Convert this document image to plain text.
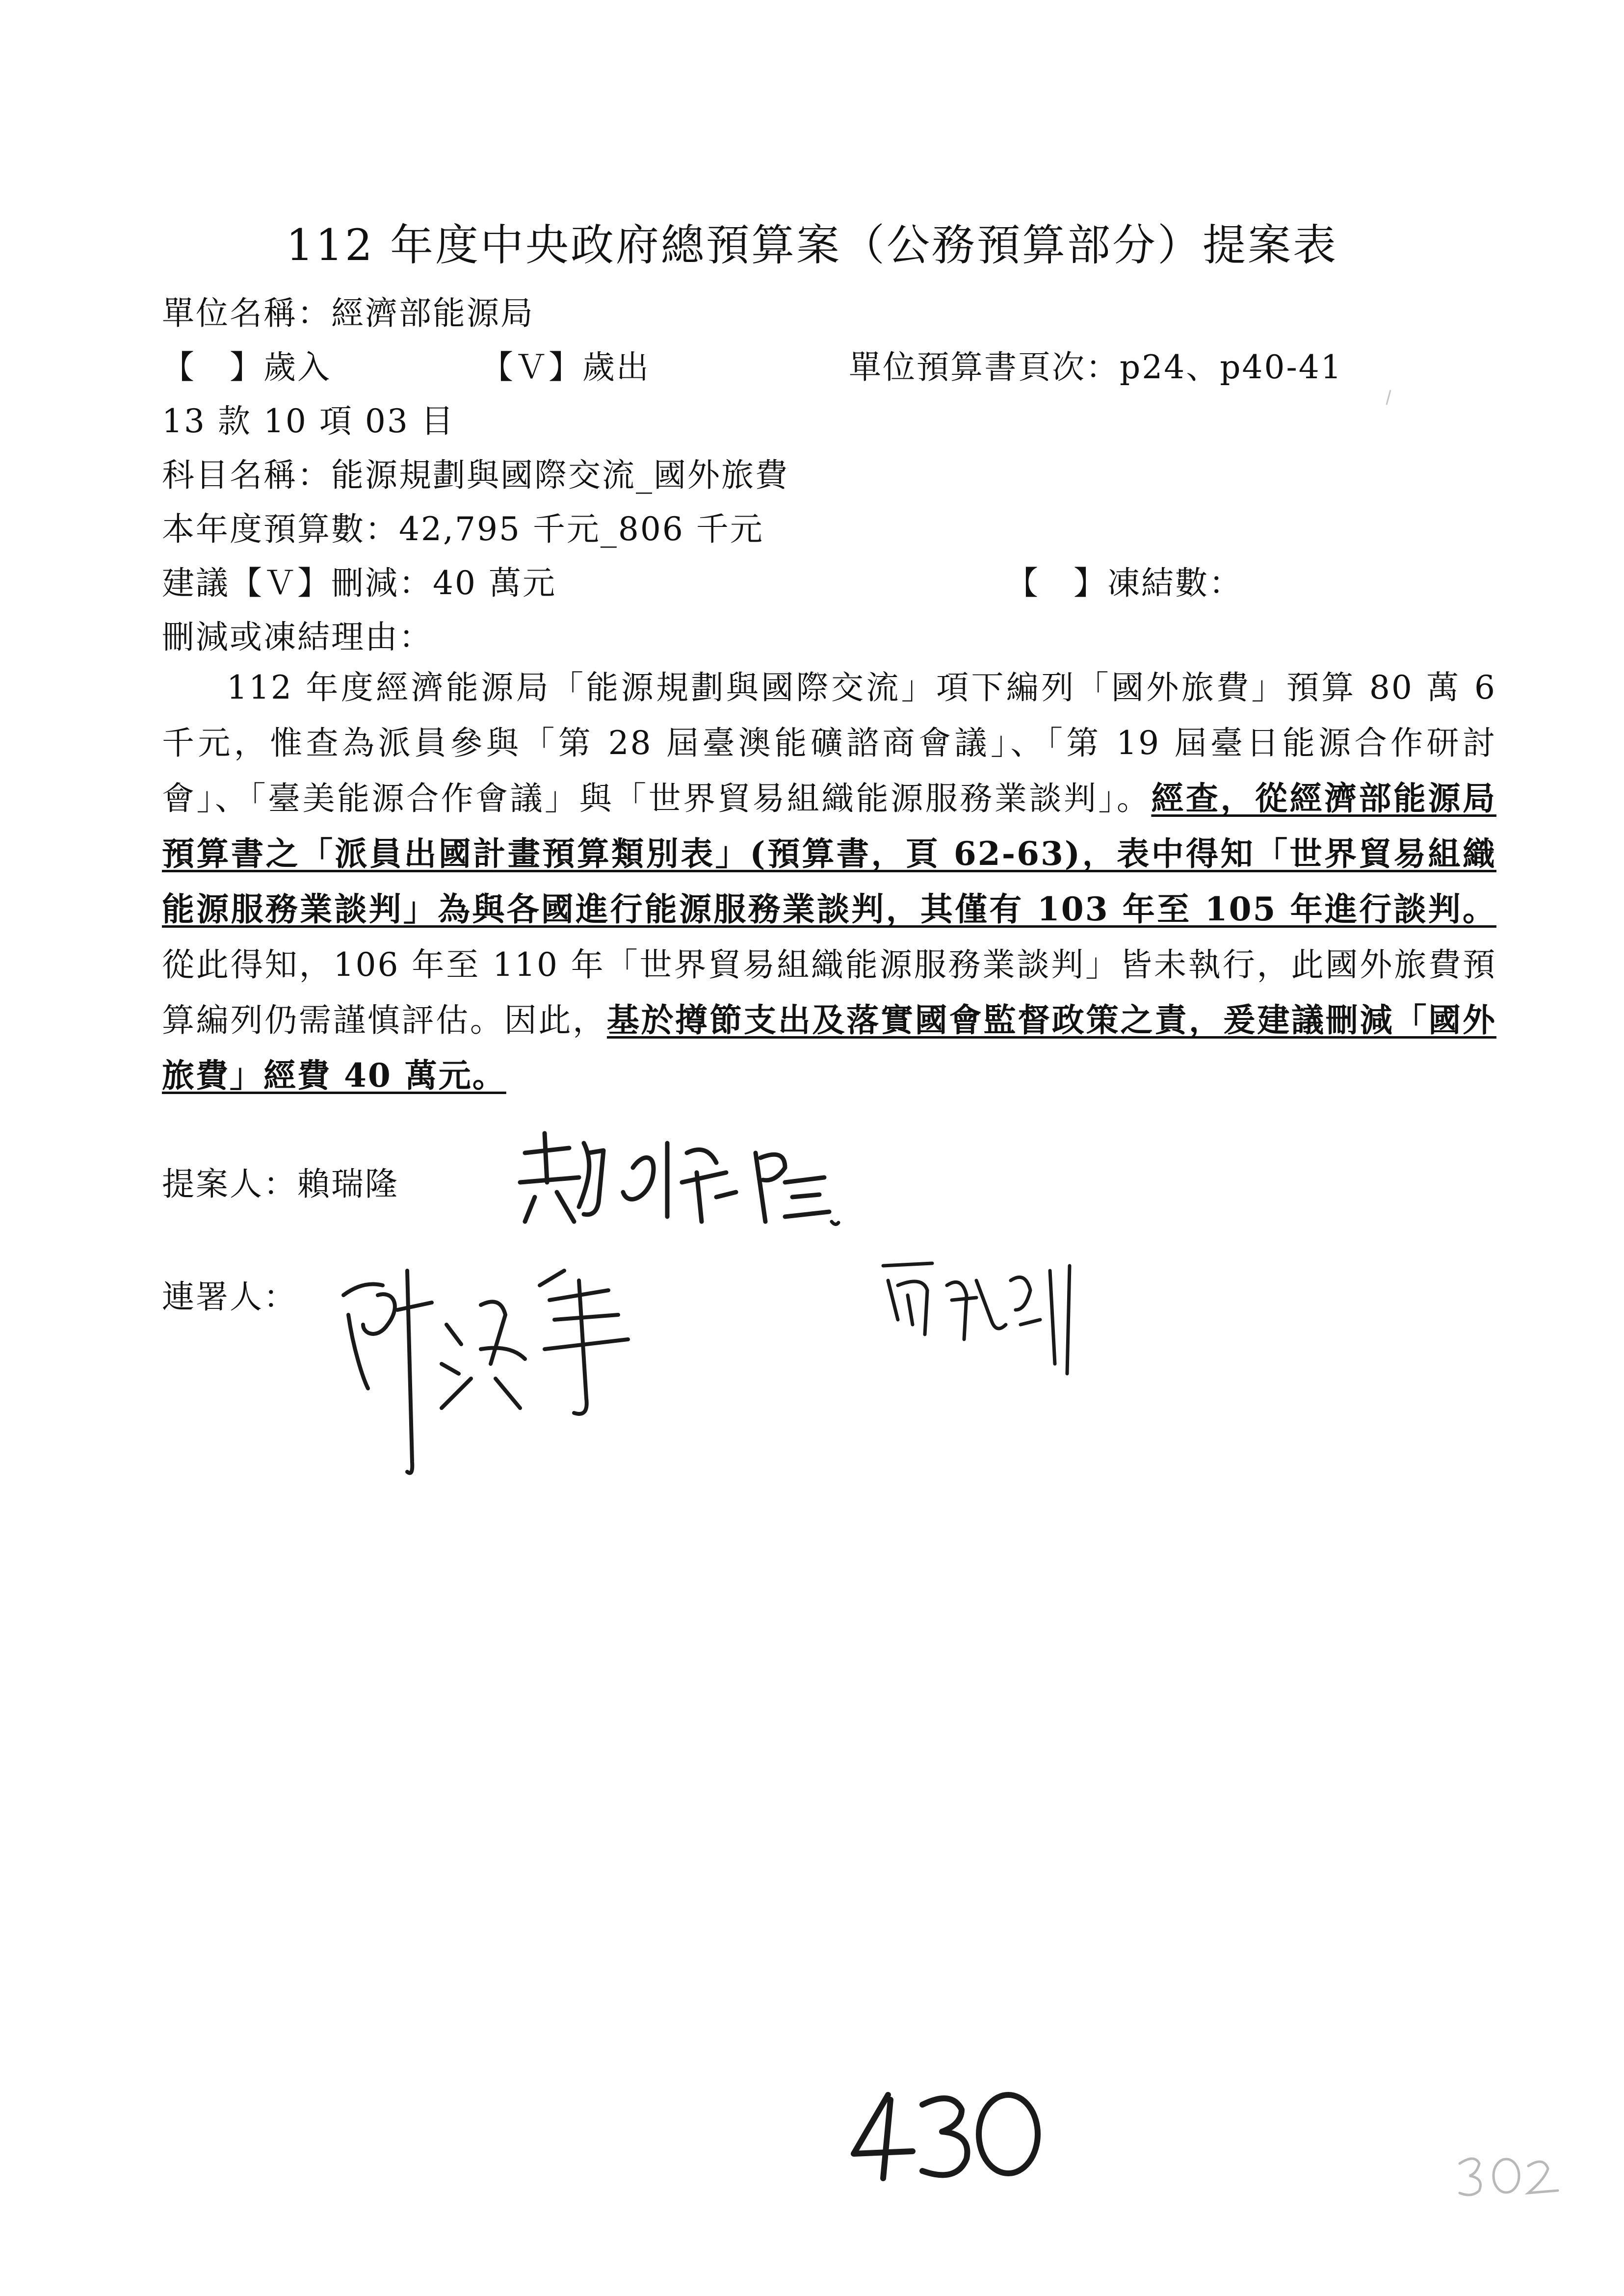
112 年度中央政府總預算案（公務預算部分）提案表
單位名稱：經濟部能源局
【　】歲入	【Ｖ】歲出	單位預算書頁次：p24、p40-41
13 款 10 項 03 目
科目名稱：能源規劃與國際交流_國外旅費
本年度預算數：42,795 千元_806 千元
建議【Ｖ】刪減：40 萬元	【　】凍結數：
刪減或凍結理由：
112 年度經濟能源局「能源規劃與國際交流」項下編列「國外旅費」預算 80 萬 6 千元，惟查為派員參與「第 28 屆臺澳能礦諮商會議」、「第 19 屆臺日能源合作研討會」、「臺美能源合作會議」與「世界貿易組織能源服務業談判」。經查，從經濟部能源局預算書之「派員出國計畫預算類別表」(預算書，頁 62-63)，表中得知「世界貿易組織能源服務業談判」為與各國進行能源服務業談判，其僅有 103 年至 105 年進行談判。從此得知，106 年至 110 年「世界貿易組織能源服務業談判」皆未執行，此國外旅費預算編列仍需謹慎評估。因此，基於撙節支出及落實國會監督政策之責，爰建議刪減「國外旅費」經費 40 萬元。
提案人：賴瑞隆
連署人：
